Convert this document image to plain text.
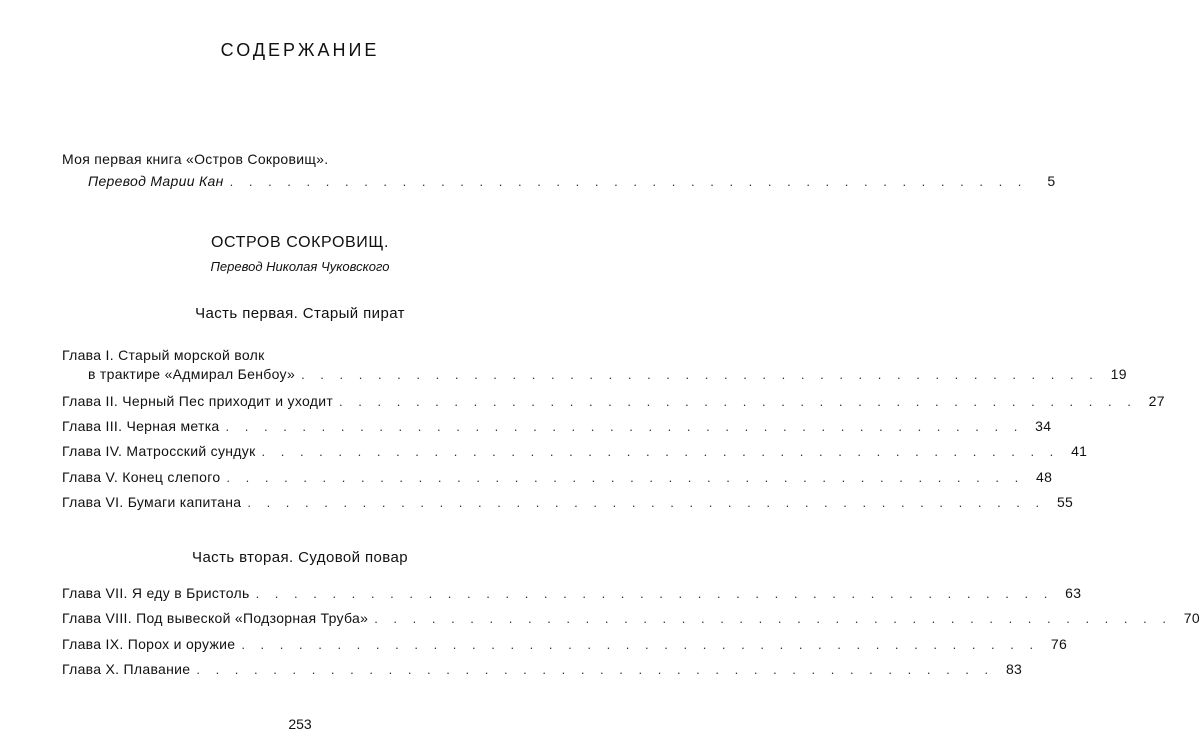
СОДЕРЖАНИЕ
Моя первая книга «Остров Сокровищ».
Перевод Марии Кан . . . . . . . . . . . . . . . . . . . . . . . . . . . . . . . . . . . . . . . . . .	5
ОСТРОВ СОКРОВИЩ.
Перевод Николая Чуковского
Часть первая. Старый пират
Глава I. Старый морской волк
в трактире «Адмирал Бенбоу» . . . . . . . . . . . . . . . . . . . . . . . . . . . . . . . . . . . . . . . . . . 19
Глава II. Черный Пес приходит и уходит . . . . . . . . . . . . . . . . . . . . . . . . . . . . . . . . . . . . . . . . . . 27
Глава III. Черная метка . . . . . . . . . . . . . . . . . . . . . . . . . . . . . . . . . . . . . . . . . . 34
Глава IV. Матросский сундук . . . . . . . . . . . . . . . . . . . . . . . . . . . . . . . . . . . . . . . . . . 41
Глава V. Конец слепого . . . . . . . . . . . . . . . . . . . . . . . . . . . . . . . . . . . . . . . . . . 48
Глава VI. Бумаги капитана . . . . . . . . . . . . . . . . . . . . . . . . . . . . . . . . . . . . . . . . . . 55
Часть вторая. Судовой повар
Глава VII. Я еду в Бристоль . . . . . . . . . . . . . . . . . . . . . . . . . . . . . . . . . . . . . . . . . . 63
Глава VIII. Под вывеской «Подзорная Труба» . . . . . . . . . . . . . . . . . . . . . . . . . . . . . . . . . . . . . . . . . . 70
Глава IX. Порох и оружие . . . . . . . . . . . . . . . . . . . . . . . . . . . . . . . . . . . . . . . . . . 76
Глава X. Плавание . . . . . . . . . . . . . . . . . . . . . . . . . . . . . . . . . . . . . . . . . . 83
253
